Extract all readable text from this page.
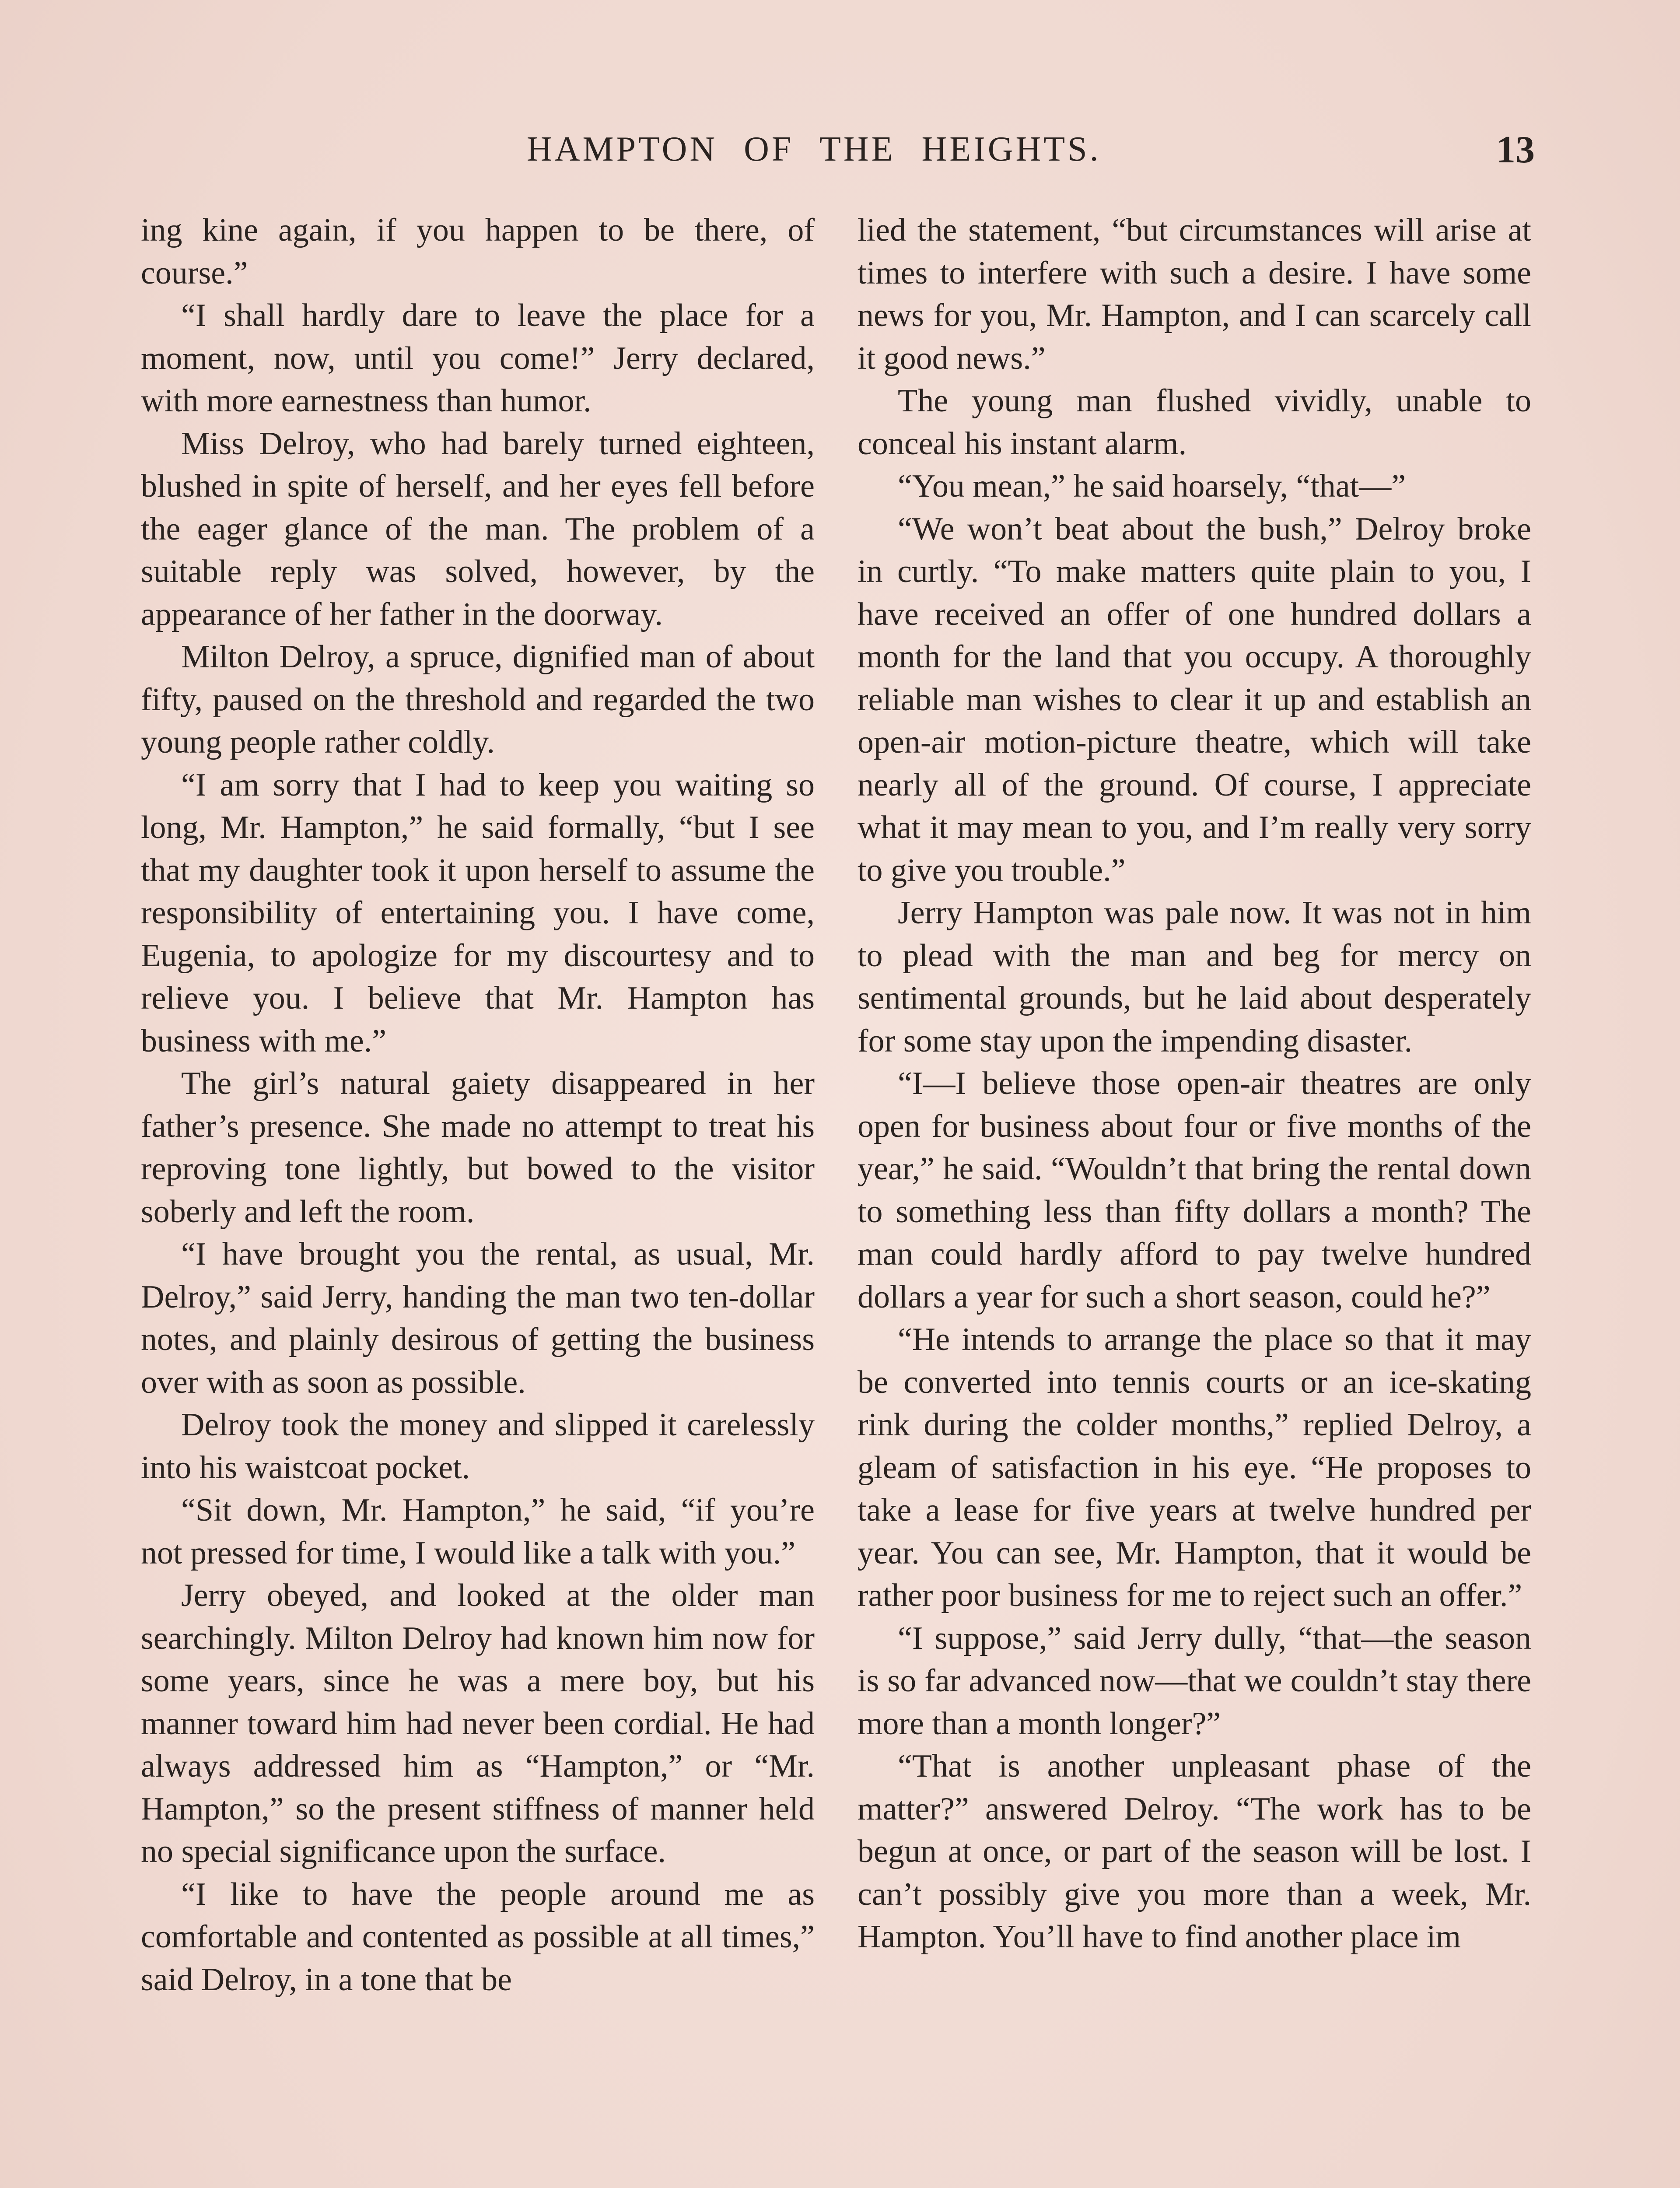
HAMPTON OF THE HEIGHTS.	13

ing kine again, if you happen to be there, of course.”

“I shall hardly dare to leave the place for a moment, now, until you come!” Jerry declared, with more earnestness than humor.

Miss Delroy, who had barely turned eighteen, blushed in spite of herself, and her eyes fell before the eager glance of the man. The problem of a suitable reply was solved, however, by the appearance of her father in the doorway.

Milton Delroy, a spruce, dignified man of about fifty, paused on the threshold and regarded the two young people rather coldly.

“I am sorry that I had to keep you waiting so long, Mr. Hampton,” he said formally, “but I see that my daughter took it upon herself to assume the responsibility of entertaining you. I have come, Eugenia, to apologize for my discourtesy and to relieve you. I believe that Mr. Hampton has business with me.”

The girl’s natural gaiety disappeared in her father’s presence. She made no attempt to treat his reproving tone lightly, but bowed to the visitor soberly and left the room.

“I have brought you the rental, as usual, Mr. Delroy,” said Jerry, handing the man two ten-dollar notes, and plainly desirous of getting the business over with as soon as possible.

Delroy took the money and slipped it carelessly into his waistcoat pocket.

“Sit down, Mr. Hampton,” he said, “if you’re not pressed for time, I would like a talk with you.”

Jerry obeyed, and looked at the older man searchingly. Milton Delroy had known him now for some years, since he was a mere boy, but his manner toward him had never been cordial. He had always addressed him as “Hampton,” or “Mr. Hampton,” so the present stiffness of manner held no special significance upon the surface.

“I like to have the people around me as comfortable and contented as possible at all times,” said Delroy, in a tone that be

lied the statement, “but circumstances will arise at times to interfere with such a desire. I have some news for you, Mr. Hampton, and I can scarcely call it good news.”

The young man flushed vividly, unable to conceal his instant alarm.

“You mean,” he said hoarsely, “that—”

“We won’t beat about the bush,” Delroy broke in curtly. “To make matters quite plain to you, I have received an offer of one hundred dollars a month for the land that you occupy. A thoroughly reliable man wishes to clear it up and establish an open-air motion-picture theatre, which will take nearly all of the ground. Of course, I appreciate what it may mean to you, and I’m really very sorry to give you trouble.”

Jerry Hampton was pale now. It was not in him to plead with the man and beg for mercy on sentimental grounds, but he laid about desperately for some stay upon the impending disaster.

“I—I believe those open-air theatres are only open for business about four or five months of the year,” he said. “Wouldn’t that bring the rental down to something less than fifty dollars a month? The man could hardly afford to pay twelve hundred dollars a year for such a short season, could he?”

“He intends to arrange the place so that it may be converted into tennis courts or an ice-skating rink during the colder months,” replied Delroy, a gleam of satisfaction in his eye. “He proposes to take a lease for five years at twelve hundred per year. You can see, Mr. Hampton, that it would be rather poor business for me to reject such an offer.”

“I suppose,” said Jerry dully, “that—the season is so far advanced now—that we couldn’t stay there more than a month longer?”

“That is another unpleasant phase of the matter?” answered Delroy. “The work has to be begun at once, or part of the season will be lost. I can’t possibly give you more than a week, Mr. Hampton. You’ll have to find another place im
